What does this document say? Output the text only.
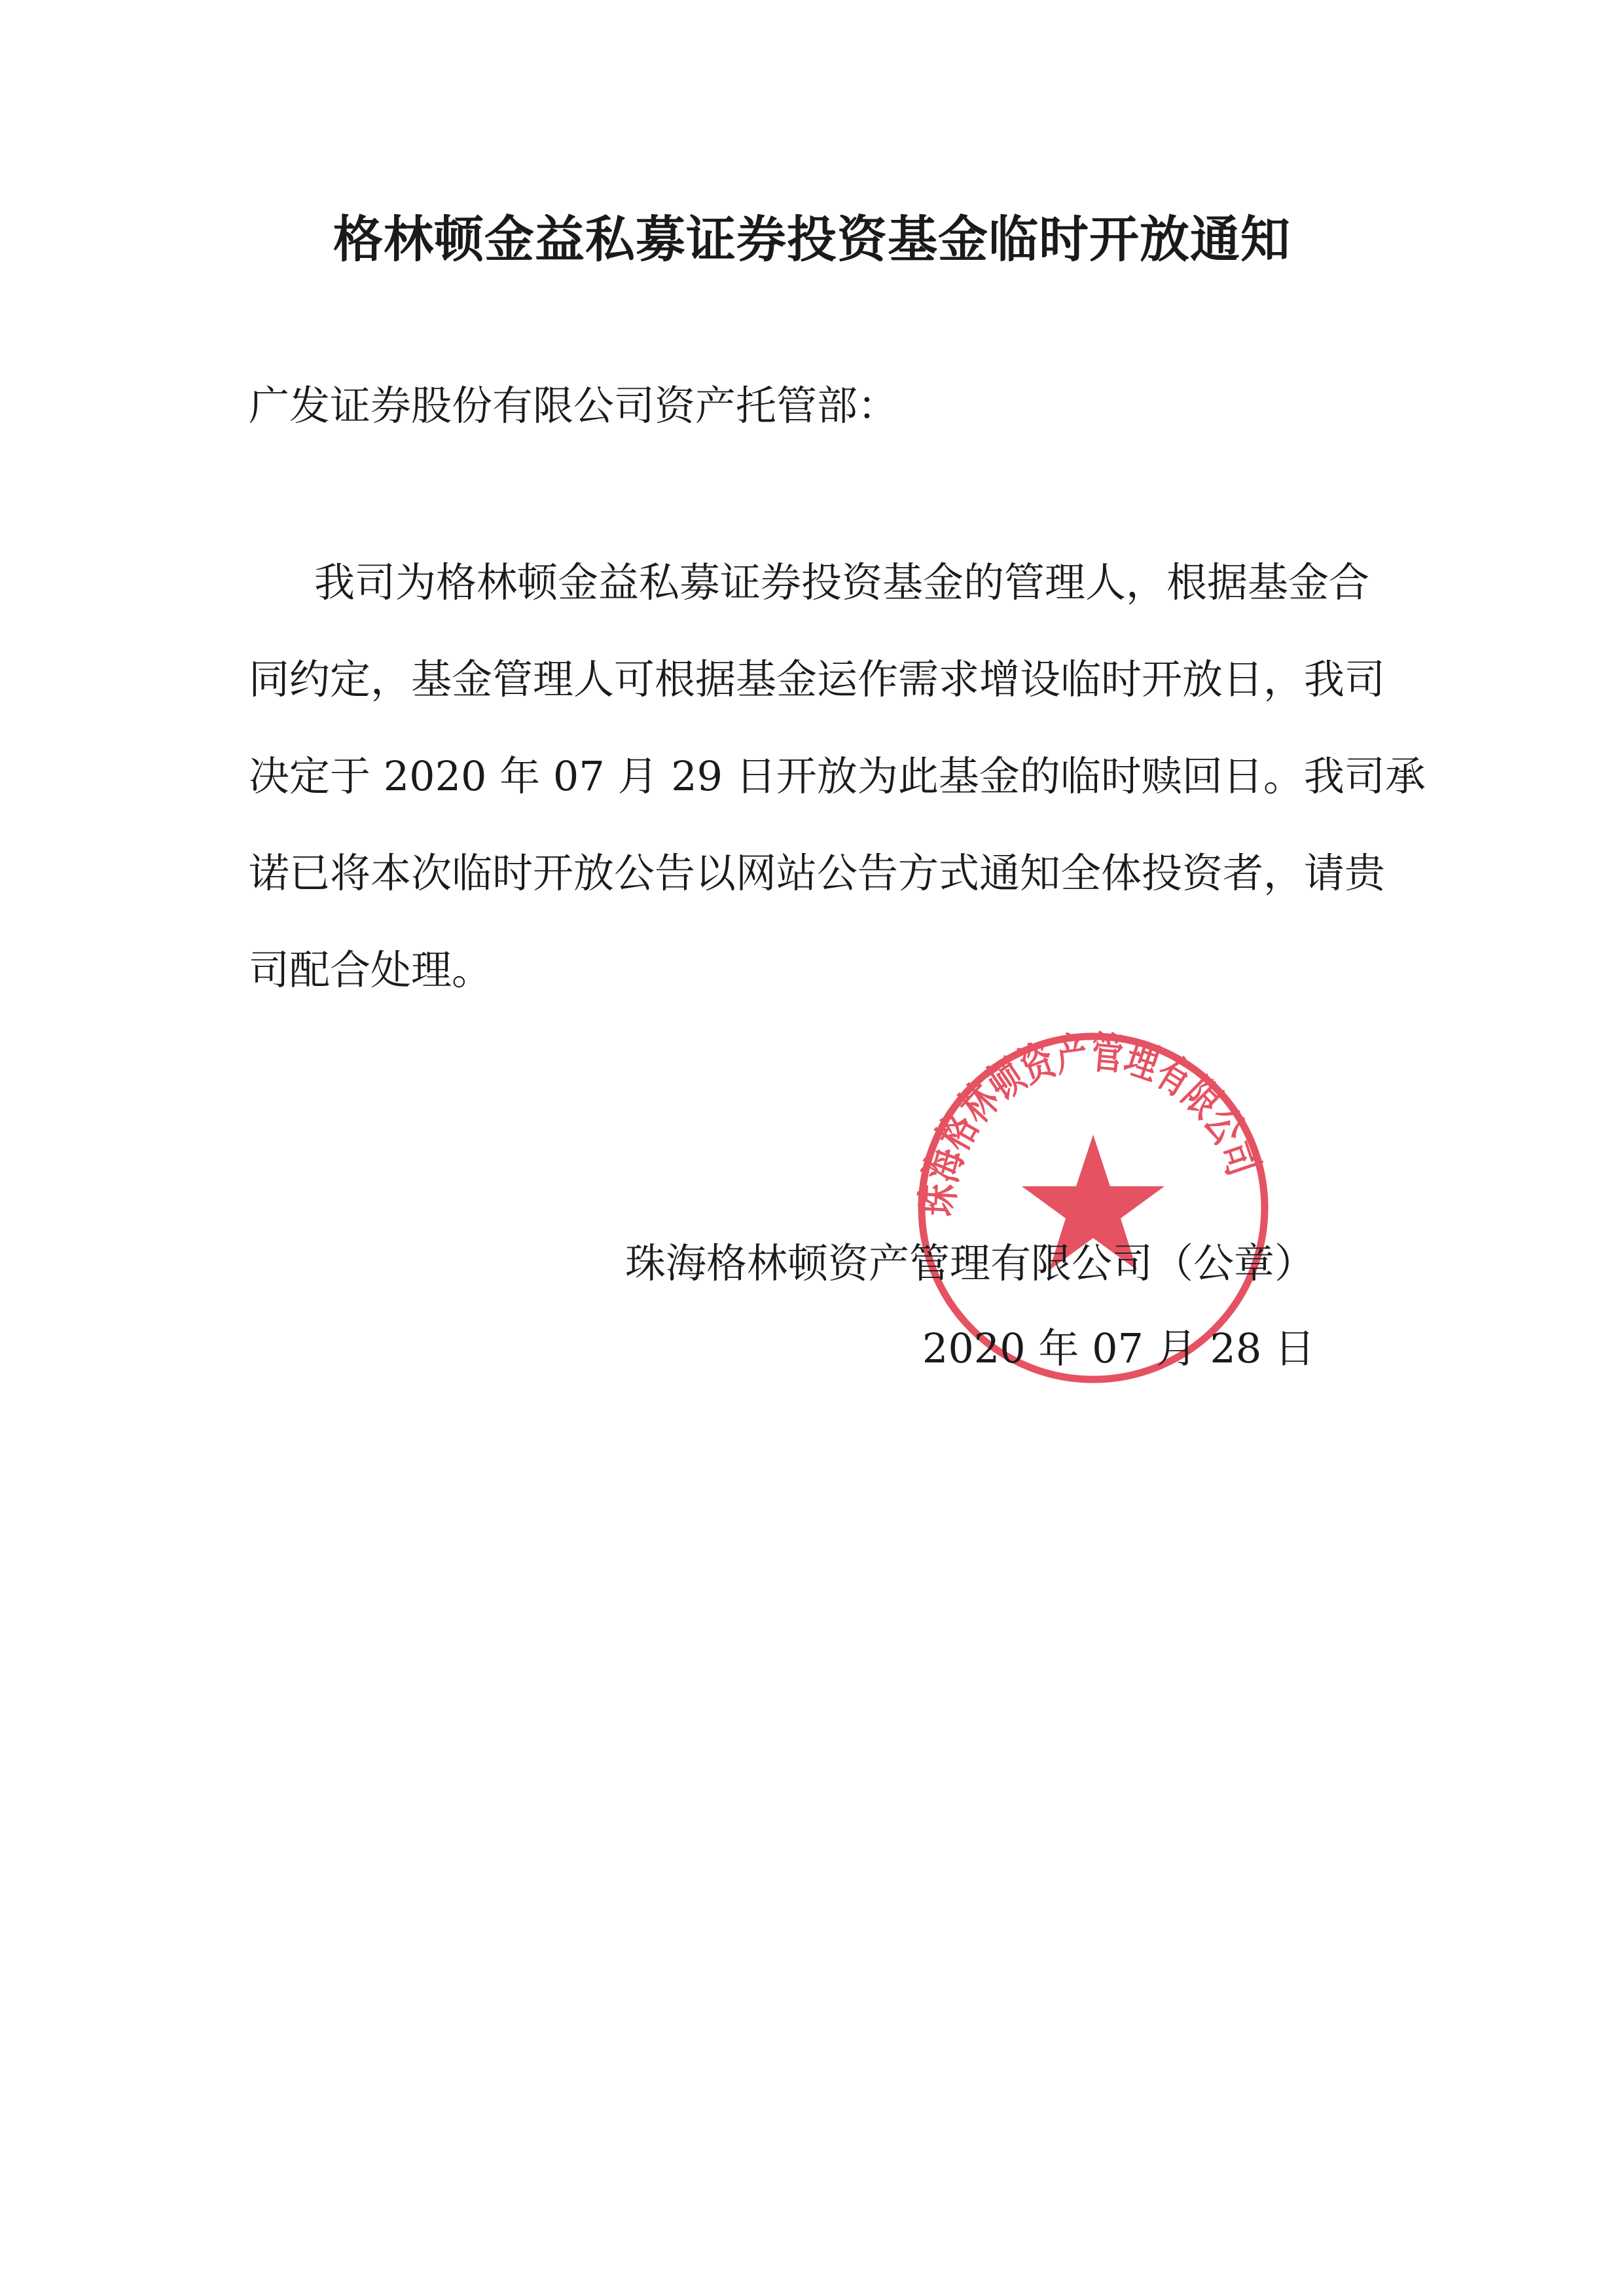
格林顿金益私募证券投资基金临时开放通知
广发证券股份有限公司资产托管部：
我司为格林顿金益私募证券投资基金的管理人，根据基金合
同约定，基金管理人可根据基金运作需求增设临时开放日，我司
决定于 2020 年 07 月 29 日开放为此基金的临时赎回日。我司承
诺已将本次临时开放公告以网站公告方式通知全体投资者，请贵
司配合处理。
珠海格林顿资产管理有限公司
珠海格林顿资产管理有限公司（公章）
2020 年 07 月 28 日
